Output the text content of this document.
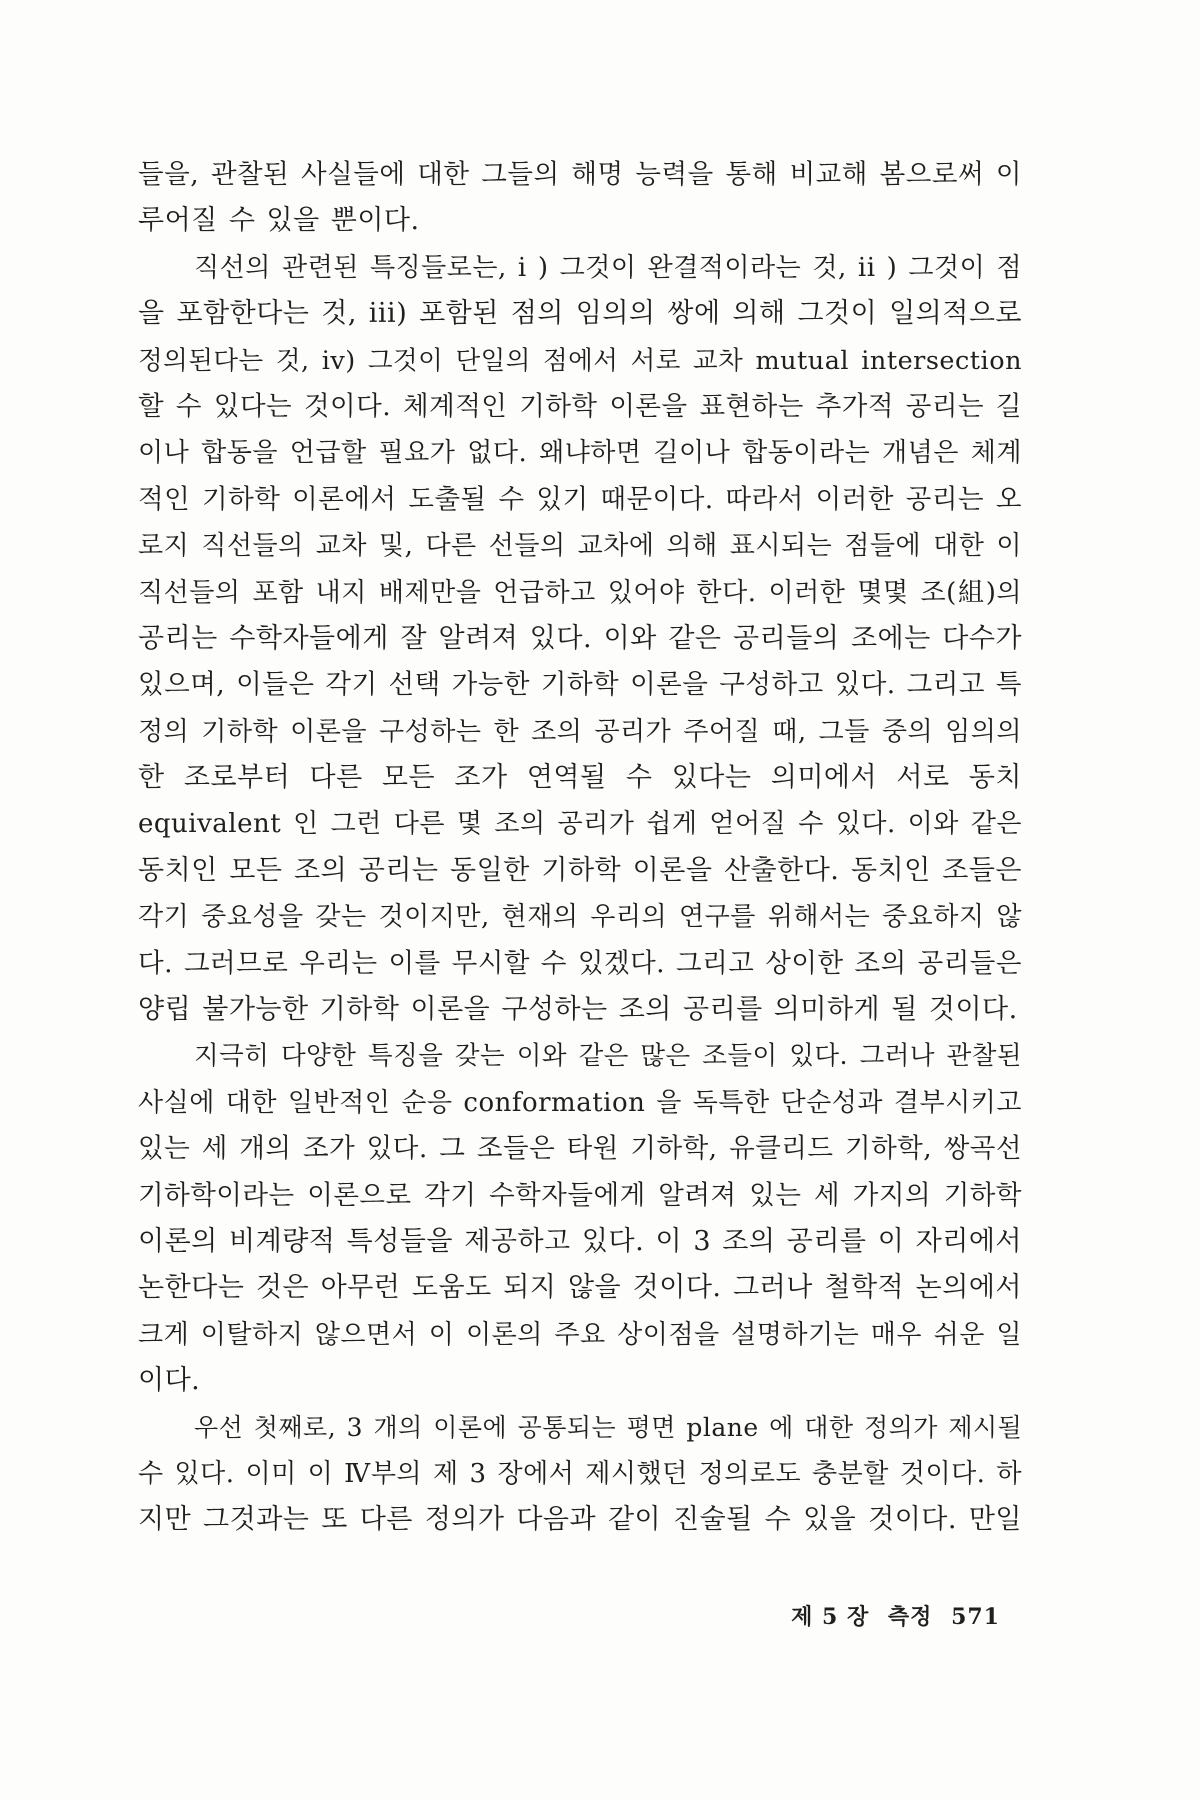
들을, 관찰된 사실들에 대한 그들의 해명 능력을 통해 비교해 봄으로써 이
루어질 수 있을 뿐이다.
직선의 관련된 특징들로는, i ) 그것이 완결적이라는 것, ii ) 그것이 점
을 포함한다는 것, iii) 포함된 점의 임의의 쌍에 의해 그것이 일의적으로
정의된다는 것, iv) 그것이 단일의 점에서 서로 교차 mutual intersection
할 수 있다는 것이다. 체계적인 기하학 이론을 표현하는 추가적 공리는 길
이나 합동을 언급할 필요가 없다. 왜냐하면 길이나 합동이라는 개념은 체계
적인 기하학 이론에서 도출될 수 있기 때문이다. 따라서 이러한 공리는 오
로지 직선들의 교차 및, 다른 선들의 교차에 의해 표시되는 점들에 대한 이
직선들의 포함 내지 배제만을 언급하고 있어야 한다. 이러한 몇몇 조(組)의
공리는 수학자들에게 잘 알려져 있다. 이와 같은 공리들의 조에는 다수가
있으며, 이들은 각기 선택 가능한 기하학 이론을 구성하고 있다. 그리고 특
정의 기하학 이론을 구성하는 한 조의 공리가 주어질 때, 그들 중의 임의의
한 조로부터 다른 모든 조가 연역될 수 있다는 의미에서 서로 동치
equivalent 인 그런 다른 몇 조의 공리가 쉽게 얻어질 수 있다. 이와 같은
동치인 모든 조의 공리는 동일한 기하학 이론을 산출한다. 동치인 조들은
각기 중요성을 갖는 것이지만, 현재의 우리의 연구를 위해서는 중요하지 않
다. 그러므로 우리는 이를 무시할 수 있겠다. 그리고 상이한 조의 공리들은
양립 불가능한 기하학 이론을 구성하는 조의 공리를 의미하게 될 것이다.
지극히 다양한 특징을 갖는 이와 같은 많은 조들이 있다. 그러나 관찰된
사실에 대한 일반적인 순응 conformation 을 독특한 단순성과 결부시키고
있는 세 개의 조가 있다. 그 조들은 타원 기하학, 유클리드 기하학, 쌍곡선
기하학이라는 이론으로 각기 수학자들에게 알려져 있는 세 가지의 기하학
이론의 비계량적 특성들을 제공하고 있다. 이 3 조의 공리를 이 자리에서
논한다는 것은 아무런 도움도 되지 않을 것이다. 그러나 철학적 논의에서
크게 이탈하지 않으면서 이 이론의 주요 상이점을 설명하기는 매우 쉬운 일
이다.
우선 첫째로, 3 개의 이론에 공통되는 평면 plane 에 대한 정의가 제시될
수 있다. 이미 이 Ⅳ부의 제 3 장에서 제시했던 정의로도 충분할 것이다. 하
지만 그것과는 또 다른 정의가 다음과 같이 진술될 수 있을 것이다. 만일
제 5 장 측정 571
